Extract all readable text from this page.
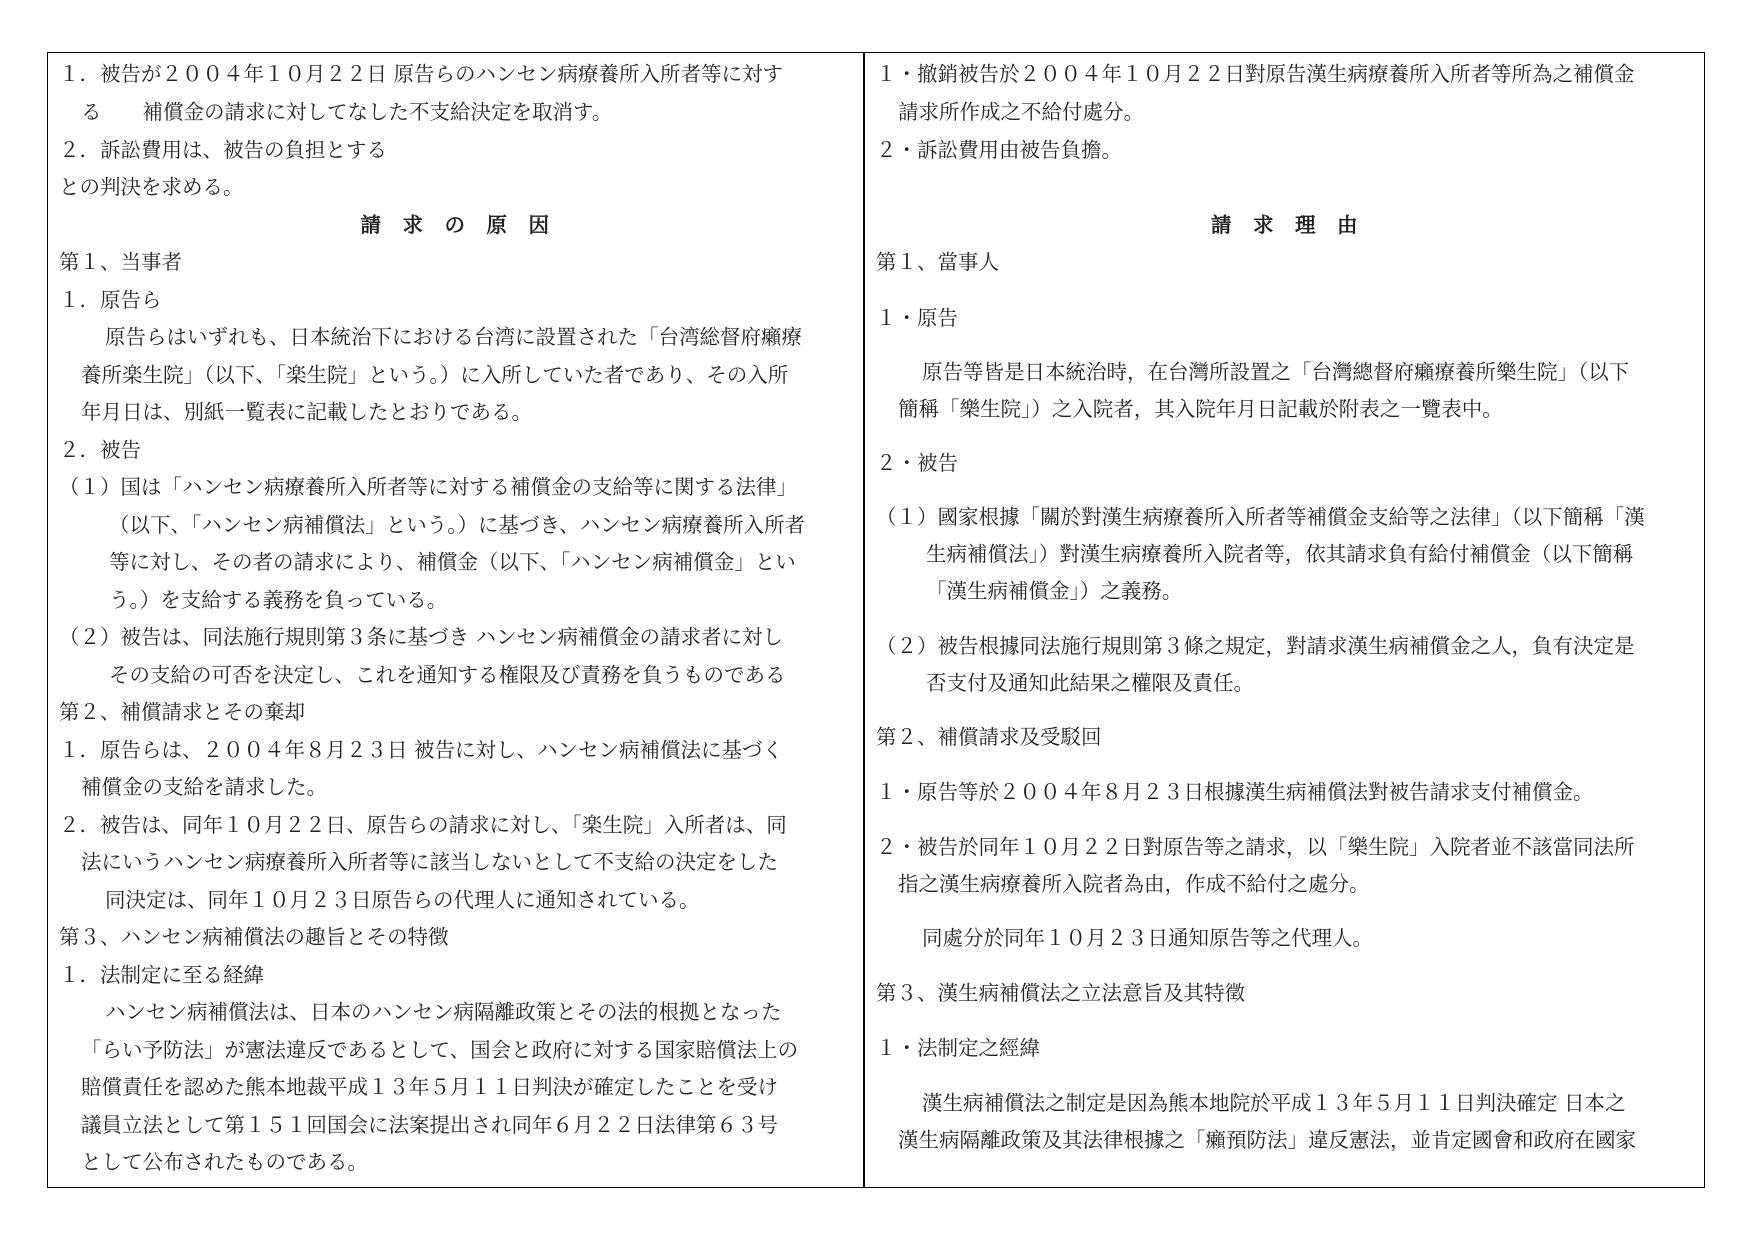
１．被告が２００４年１０月２２日 原告らのハンセン病療養所入所者等に対す
る　　補償金の請求に対してなした不支給決定を取消す。
２．訴訟費用は、被告の負担とする
との判決を求める。
請　求　の　原　因
第１、当事者
１．原告ら
原告らはいずれも、日本統治下における台湾に設置された「台湾総督府癩療
養所楽生院」（以下、「楽生院」という。）に入所していた者であり、その入所
年月日は、別紙一覧表に記載したとおりである。
２．被告
（１）国は「ハンセン病療養所入所者等に対する補償金の支給等に関する法律」
（以下、「ハンセン病補償法」という。）に基づき、ハンセン病療養所入所者
等に対し、その者の請求により、補償金（以下、「ハンセン病補償金」とい
う。）を支給する義務を負っている。
（２）被告は、同法施行規則第３条に基づき ハンセン病補償金の請求者に対し
その支給の可否を決定し、これを通知する権限及び責務を負うものである
第２、補償請求とその棄却
１．原告らは、２００４年８月２３日 被告に対し、ハンセン病補償法に基づく
補償金の支給を請求した。
２．被告は、同年１０月２２日、原告らの請求に対し、「楽生院」入所者は、同
法にいうハンセン病療養所入所者等に該当しないとして不支給の決定をした
同決定は、同年１０月２３日原告らの代理人に通知されている。
第３、ハンセン病補償法の趣旨とその特徴
１．法制定に至る経緯
ハンセン病補償法は、日本のハンセン病隔離政策とその法的根拠となった
「らい予防法」が憲法違反であるとして、国会と政府に対する国家賠償法上の
賠償責任を認めた熊本地裁平成１３年５月１１日判決が確定したことを受け
議員立法として第１５１回国会に法案提出され同年６月２２日法律第６３号
として公布されたものである。
１・撤銷被告於２００４年１０月２２日對原告漢生病療養所入所者等所為之補償金
請求所作成之不給付處分。
２・訴訟費用由被告負擔。
請　求　理　由
第１、當事人
１・原告
原告等皆是日本統治時，在台灣所設置之「台灣總督府癩療養所樂生院」（以下
簡稱「樂生院」）之入院者，其入院年月日記載於附表之一覽表中。
２・被告
（１）國家根據「關於對漢生病療養所入所者等補償金支給等之法律」（以下簡稱「漢
生病補償法」）對漢生病療養所入院者等，依其請求負有給付補償金（以下簡稱
「漢生病補償金」）之義務。
（２）被告根據同法施行規則第３條之規定，對請求漢生病補償金之人，負有決定是
否支付及通知此結果之權限及責任。
第２、補償請求及受駁回
１・原告等於２００４年８月２３日根據漢生病補償法對被告請求支付補償金。
２・被告於同年１０月２２日對原告等之請求，以「樂生院」入院者並不該當同法所
指之漢生病療養所入院者為由，作成不給付之處分。
同處分於同年１０月２３日通知原告等之代理人。
第３、漢生病補償法之立法意旨及其特徵
１・法制定之經緯
漢生病補償法之制定是因為熊本地院於平成１３年５月１１日判決確定 日本之
漢生病隔離政策及其法律根據之「癩預防法」違反憲法，並肯定國會和政府在國家
